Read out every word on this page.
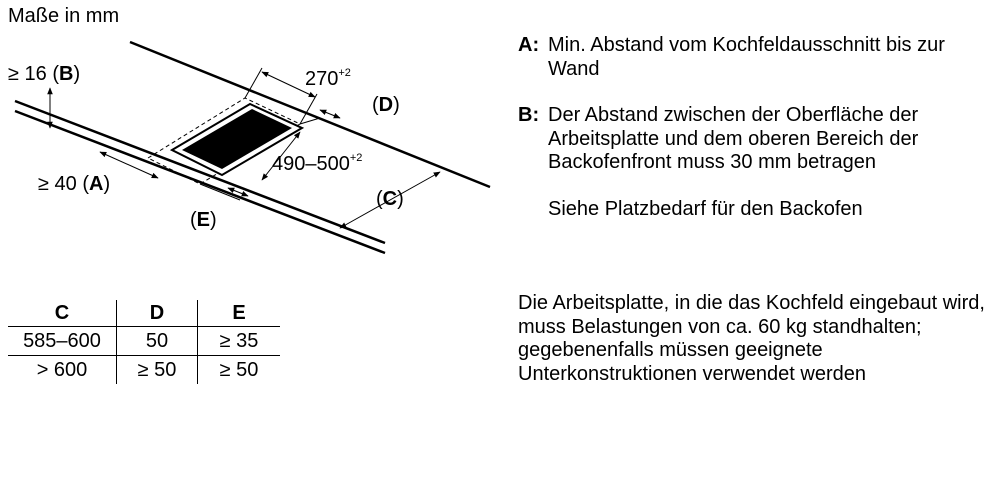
Maße in mm
$270^{+2}$
(D)
$490-500^{+2}$
(C)
(E)
≥ 16 (B)
≥ 40 (A)
C	D	E
585–600	50	≥ 35
> 600	≥ 50	≥ 50
A: Min. Abstand vom Kochfeldausschnitt bis zur Wand
B: Der Abstand zwischen der Oberfläche der Arbeitsplatte und dem oberen Bereich der Backofenfront muss 30 mm betragen
Siehe Platzbedarf für den Backofen
Die Arbeitsplatte, in die das Kochfeld eingebaut wird, muss Belastungen von ca. 60 kg standhalten; gegebenenfalls müssen geeignete Unterkonstruktionen verwendet werden
